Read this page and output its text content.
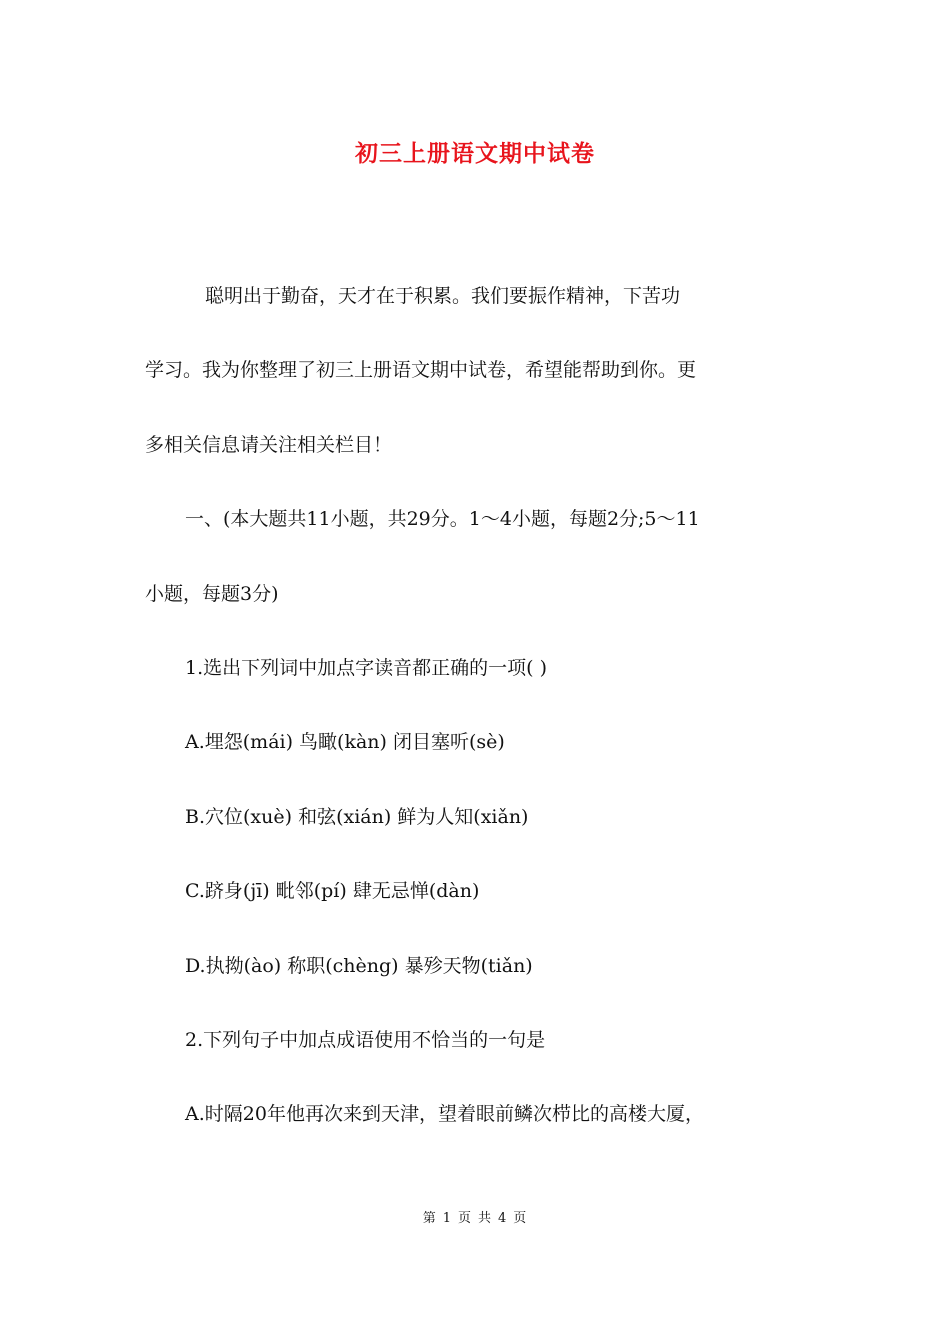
初三上册语文期中试卷
聪明出于勤奋，天才在于积累。我们要振作精神，下苦功
学习。我为你整理了初三上册语文期中试卷，希望能帮助到你。更
多相关信息请关注相关栏目！
一、(本大题共11小题，共29分。1～4小题，每题2分;5～11
小题，每题3分)
1.选出下列词中加点字读音都正确的一项( )
A.埋怨(mái) 鸟瞰(kàn) 闭目塞听(sè)
B.穴位(xuè) 和弦(xián) 鲜为人知(xiǎn)
C.跻身(jī) 毗邻(pí) 肆无忌惮(dàn)
D.执拗(ào) 称职(chèng) 暴殄天物(tiǎn)
2.下列句子中加点成语使用不恰当的一句是
A.时隔20年他再次来到天津，望着眼前鳞次栉比的高楼大厦，
第 1 页 共 4 页
